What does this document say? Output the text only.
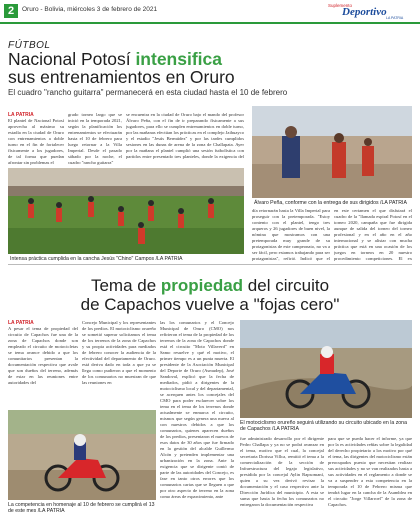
2	Oruro - Bolivia, miércoles 3 de febrero de 2021
Suplemento
Deportivo LA PATRIA
FÚTBOL
Nacional Potosí intensifica
sus entrenamientos en Oruro
El cuadro "rancho guitarra" permanecerá en esta ciudad hasta el 10 de febrero
LA PATRIA
El plantel de Nacional Potosí aprovecha al máximo su estadía en la ciudad de Oruro con entrenamientos a doble turno en el fin de fortalecer físicamente a los jugadores, de tal forma que puedan afrontar sin problemas el
grado torneo largo que se inició en la temporada 2021, según la planificación los entrenamientos se efectuarán hasta el 10 de febrero para luego retornar a la Villa Imperial. Desde el pasado sábado por la noche, el cuadro "rancho guitarra"
Intensa práctica cumplida en la cancha Jesús "Chino" Campos /LA PATRIA
se encuentra en la ciudad de Oruro bajo el mando del profesor Álvaro Peña, con el fin de ir preparando físicamente a sus jugadores, para ello se cumplen entrenamientos en doble turno, por las mañanas efectúan los prácticas en el complejo Jaihuayco y el estadio "Jesús Bermúdez" y por las tardes cumplidos sesiones en las dunas de arena de la zona de Challapata. Ayer por la mañana el plantel cumplió una sesión futbolística con partidos entre presentado tres planteles, donde la exigencia del
Álvaro Peña, conforme con la entrega de sus dirigidos /LA PATRIA
día retornarán hasta la Villa Imperial para proseguir con la pretemporada. "Estoy contento con el plantel, tengo tres arqueros y 26 jugadores de buen nivel, la nómina que mostramos con una pretemporada muy grande de su protagonistas de este campeonato, no va a ser fácil, pero estamos trabajando para ser protagonistas", refirió. Indicó que el
en este certamen el que disfutará el cuadro de la "llamada espiral Potosí en el torneo 2020, campaña que fue dirigida aunque de salida del torneo del torneo profesional y en el año en el año internacional y se alistar con mucha práctica que está en una ocasión de los juegos en torneos en 20 nuestro procedimiento competiciones. El ex
Tema de propiedad del circuito
de Capachos vuelve a "fojas cero"
LA PATRIA
A pesar el tema de propiedad del circuito de Capachos fue una de la zona de Capachos donde son empleado el circuito de motocicletas se tema avance debido a que los comunitarios presentan la documentación respectiva que avale que son dueños del terreno, además de estar en las reuniones entre autoridades del
Concejo Municipal y los representantes de los predios. El motociclismo orureño se sometió superar solicitamos el tema de los terrenos de la zona de Capachos y su propia actividades para mediados de febrero conocer la audiencia de la efectividad del departamento de Oruro. está deriva dado en toda a que ya se llega como pudieron a que el momento de los comunarios no muestran de que las reuniones en
las los comunarios y el Concejo Municipal de Oruro (CMO) nos refirieron el tema de la propiedad de los terrenos de la zona de Capachos donde está el circuito "Moto Villaverd" en Samo resuelve y qué el motivo, el primer tiempo es a un punta muerta. El presidente de la Asociación Municipal del Deporte de Oruro (Asmudep), José Sandoval, explicó que la fecha de mediados, pidió a dirigentes de la motociclismo local y del departamental, se acerquen antes los concejales del CMO para poder esclarecer sobre los tema en el tema de los terrenos donde actualmente se enmarca el circuito, mismos que según genera una nueva al con nuestros debidos a que los comunarios, quienes aparecen dueños de los predios, presentaron el nuevos de esos datos de 30 años que fue firmado en la gestión del alcalde Guillermo Alcón y pretenden implementar una urbanización en la zona. Ante la exigencia que se dirigente contó de parte de las autoridades del Concejo, es fase en tanto otros errores que los comunarios cartas que se lleguen a que por otro aspecto de terreno en la zona como áreas de esparcimiento, ante
La competencia en homenaje al 10 de febrero se cumplirá el 13 de este mes /LA PATRIA
El motociclismo orureño seguirá utilizando su circuito ubicado en la zona de Capachos /LA PATRIA
fue administrado desarrollo por el dirigente Pedro Challapa y ya no se podrá avanzar en el tema, motivo que el cual, la concejal secretaria Dorissa Villca, remitió el tema a la comercialización de la sección de Infraestructura del legajo legislativo, presidida por la concejal Aylin Rapsomaní, quien a su vez derivó revisar la documentación y el caso respectivo ante la Dirección Jurídica del municipio. A esta se suma que hasta la fecha los comunarios no entregaron la documentación respectiva
para que se pueda hacer el informe, ya que por la es actividades reñías sobre la legalidad del derecho propietario a los motivo por qué el tema, las dirigentes del motociclismo están preocupados puesto que necesitan realizar sus actividades y no se van realizados hasta a sus actividades en el reglamento a donde se va a suspender a esta competencia en la temporada el 10 de Febrero misma que tendrá lugar en la cancha de la Asamblea en el circuito "Jorge Villarroel" de la zona de Capachos.
